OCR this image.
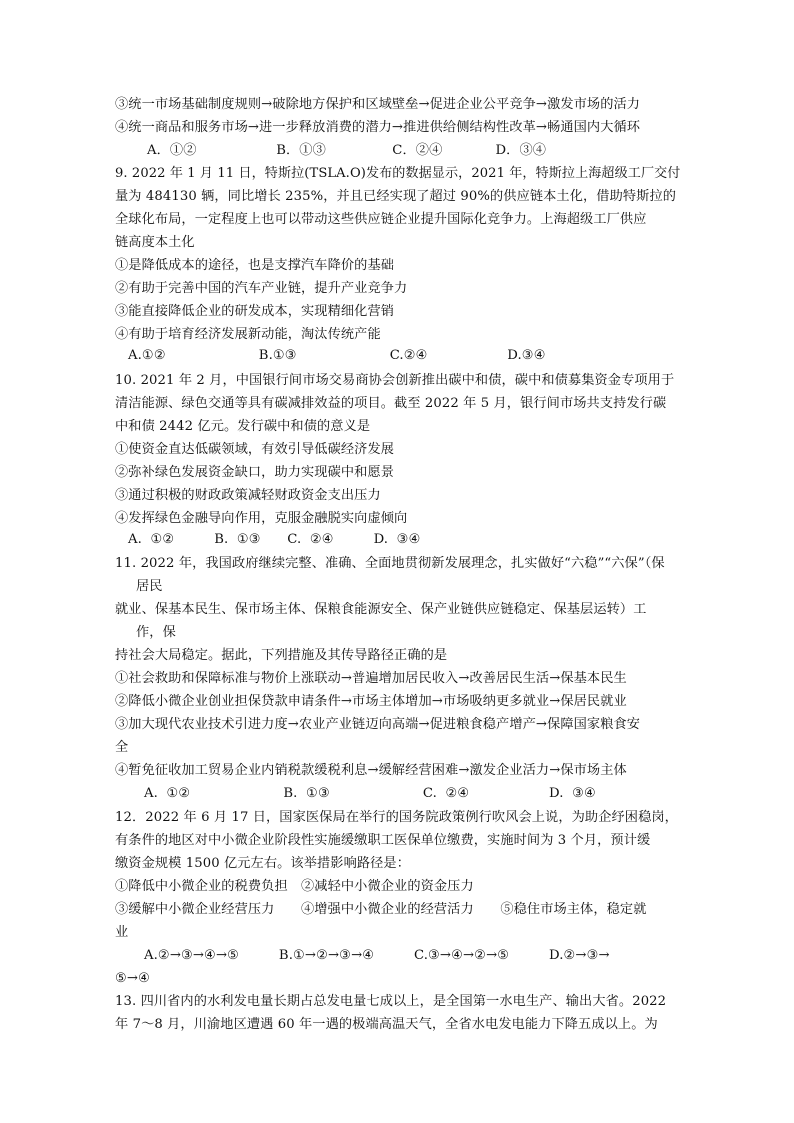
③统一市场基础制度规则→破除地方保护和区域壁垒→促进企业公平竞争→激发市场的活力
④统一商品和服务市场→进一步释放消费的潜力→推进供给侧结构性改革→畅通国内大循环
A．①②　　　　　　B．①③　　　　　C．②④　　　　D．③④
9. 2022 年 1 月 11 日，特斯拉(TSLA.O)发布的数据显示，2021 年，特斯拉上海超级工厂交付
量为 484130 辆，同比增长 235%，并且已经实现了超过 90%的供应链本土化，借助特斯拉的
全球化布局，一定程度上也可以带动这些供应链企业提升国际化竞争力。上海超级工厂供应
链高度本土化
①是降低成本的途径，也是支撑汽车降价的基础
②有助于完善中国的汽车产业链，提升产业竞争力
③能直接降低企业的研发成本，实现精细化营销
④有助于培育经济发展新动能，淘汰传统产能
A.①②　　　　　　　B.①③　　　　　　　C.②④　　　　　　D.③④
10. 2021 年 2 月，中国银行间市场交易商协会创新推出碳中和债，碳中和债募集资金专项用于
清洁能源、绿色交通等具有碳减排效益的项目。截至 2022 年 5 月，银行间市场共支持发行碳
中和债 2442 亿元。发行碳中和债的意义是
①使资金直达低碳领域，有效引导低碳经济发展
②弥补绿色发展资金缺口，助力实现碳中和愿景
③通过积极的财政政策减轻财政资金支出压力
④发挥绿色金融导向作用，克服金融脱实向虚倾向
A.  ①②　　　B.  ①③　　C.  ②④　　　D.  ③④
11. 2022 年，我国政府继续完整、准确、全面地贯彻新发展理念，扎实做好“六稳”“六保”（保
居民
就业、保基本民生、保市场主体、保粮食能源安全、保产业链供应链稳定、保基层运转）工
作，保
持社会大局稳定。据此，下列措施及其传导路径正确的是
①社会救助和保障标准与物价上涨联动→普遍增加居民收入→改善居民生活→保基本民生
②降低小微企业创业担保贷款申请条件→市场主体增加→市场吸纳更多就业→保居民就业
③加大现代农业技术引进力度→农业产业链迈向高端→促进粮食稳产增产→保障国家粮食安
全
④暂免征收加工贸易企业内销税款缓税利息→缓解经营困难→激发企业活力→保市场主体
A.  ①②　　　　　　　B.  ①③　　　　　　　C.  ②④　　　　　　D.  ③④
12．2022 年 6 月 17 日，国家医保局在举行的国务院政策例行吹风会上说，为助企纾困稳岗，
有条件的地区对中小微企业阶段性实施缓缴职工医保单位缴费，实施时间为 3 个月，预计缓
缴资金规模 1500 亿元左右。该举措影响路径是：
①降低中小微企业的税费负担　②减轻中小微企业的资金压力
③缓解中小微企业经营压力　　④增强中小微企业的经营活力　　⑤稳住市场主体，稳定就
业
A.②→③→④→⑤　　　B.①→②→③→④　　　C.③→④→②→⑤　　　D.②→③→
⑤→④
13. 四川省内的水利发电量长期占总发电量七成以上，是全国第一水电生产、输出大省。2022
年 7～8 月，川渝地区遭遇 60 年一遇的极端高温天气，全省水电发电能力下降五成以上。为
